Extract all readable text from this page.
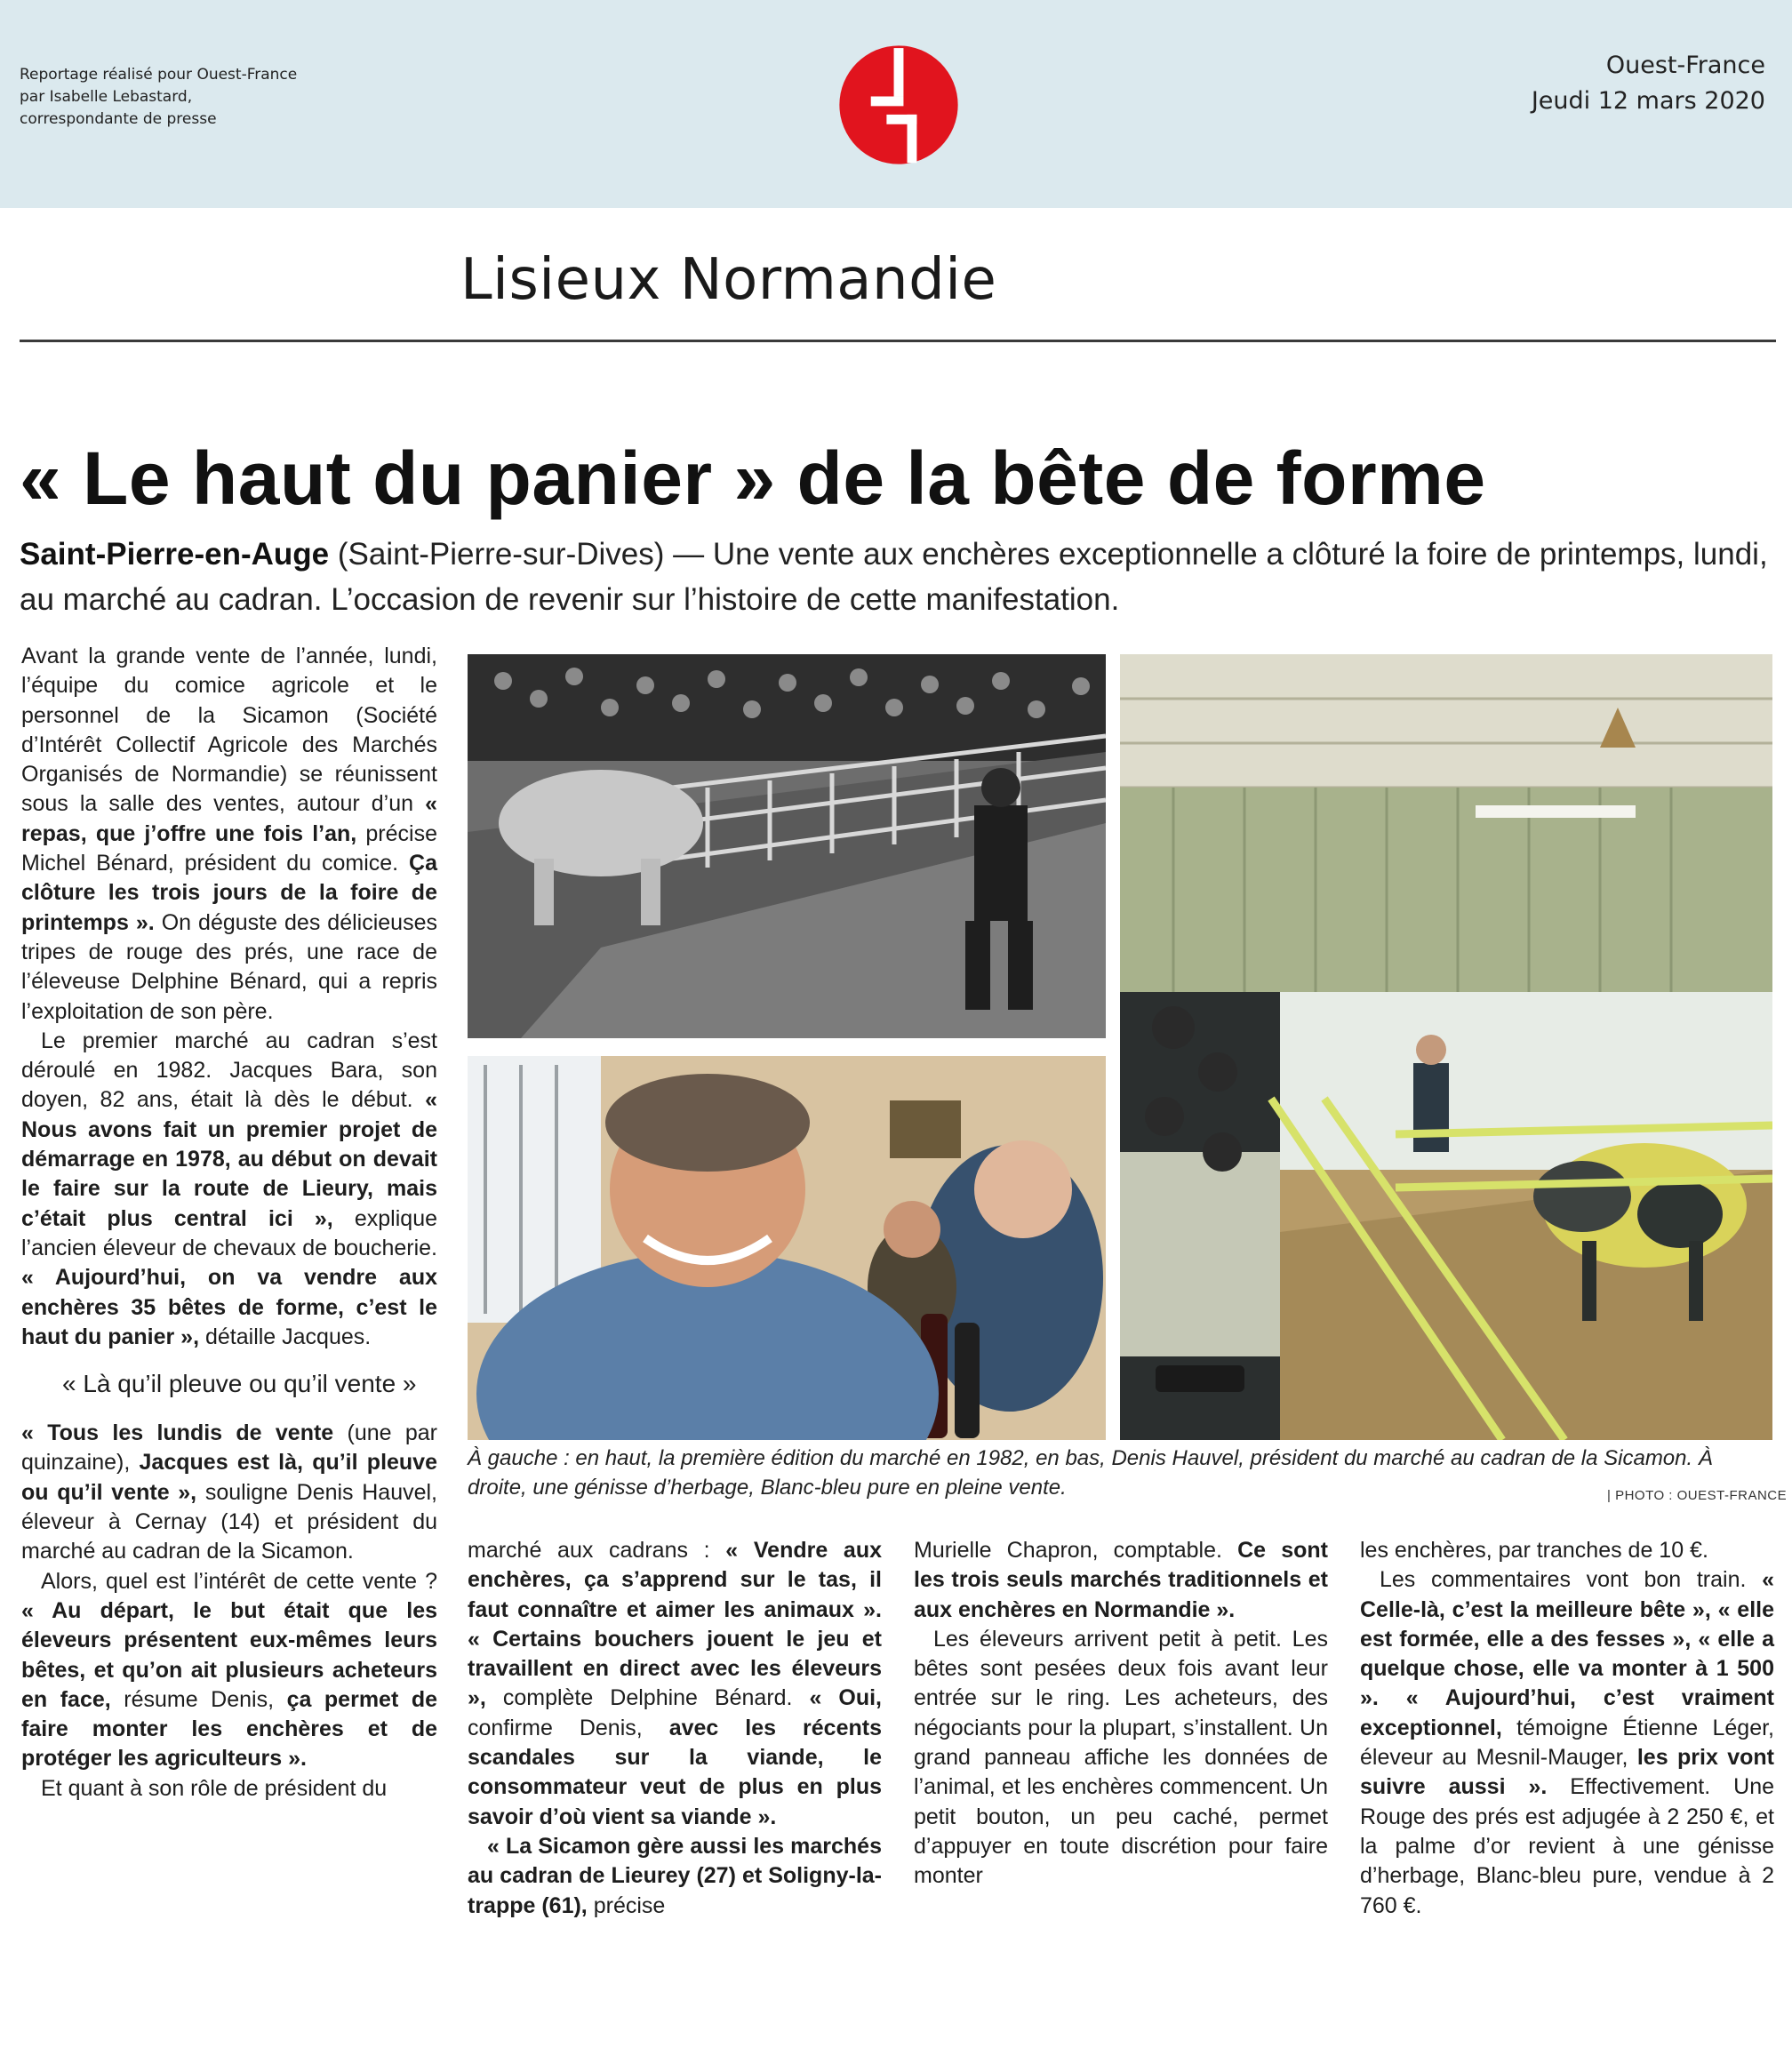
Reportage réalisé pour Ouest-France
par Isabelle Lebastard,
correspondante de presse
Ouest-France
Jeudi 12 mars 2020
Lisieux Normandie
« Le haut du panier » de la bête de forme
Saint-Pierre-en-Auge (Saint-Pierre-sur-Dives) — Une vente aux enchères exceptionnelle a clôturé la foire de printemps, lundi, au marché au cadran. L’occasion de revenir sur l’histoire de cette manifestation.

Avant la grande vente de l’année, lundi, l’équipe du comice agricole et le personnel de la Sicamon (Société d’Intérêt Collectif Agricole des Marchés Organisés de Normandie) se réunissent sous la salle des ventes, autour d’un « repas, que j’offre une fois l’an, précise Michel Bénard, président du comice. Ça clôture les trois jours de la foire de printemps ». On déguste des délicieuses tripes de rouge des prés, une race de l’éleveuse Delphine Bénard, qui a repris l’exploitation de son père.

Le premier marché au cadran s’est déroulé en 1982. Jacques Bara, son doyen, 82 ans, était là dès le début. « Nous avons fait un premier projet de démarrage en 1978, au début on devait le faire sur la route de Lieury, mais c’était plus central ici », explique l’ancien éleveur de chevaux de boucherie. « Aujourd’hui, on va vendre aux enchères 35 bêtes de forme, c’est le haut du panier », détaille Jacques.

« Là qu’il pleuve ou qu’il vente »

« Tous les lundis de vente (une par quinzaine), Jacques est là, qu’il pleuve ou qu’il vente », souligne Denis Hauvel, éleveur à Cernay (14) et président du marché au cadran de la Sicamon.

Alors, quel est l’intérêt de cette vente ? « Au départ, le but était que les éleveurs présentent eux-mêmes leurs bêtes, et qu’on ait plusieurs acheteurs en face, résume Denis, ça permet de faire monter les enchères et de protéger les agriculteurs ».

Et quant à son rôle de président du

À gauche : en haut, la première édition du marché en 1982, en bas, Denis Hauvel, président du marché au cadran de la Sicamon. À droite, une génisse d’herbage, Blanc-bleu pure en pleine vente.	| PHOTO : OUEST-FRANCE

marché aux cadrans : « Vendre aux enchères, ça s’apprend sur le tas, il faut connaître et aimer les animaux ». « Certains bouchers jouent le jeu et travaillent en direct avec les éleveurs », complète Delphine Bénard. « Oui, confirme Denis, avec les récents scandales sur la viande, le consommateur veut de plus en plus savoir d’où vient sa viande ».

« La Sicamon gère aussi les marchés au cadran de Lieurey (27) et Soligny-la-trappe (61), précise

Murielle Chapron, comptable. Ce sont les trois seuls marchés traditionnels et aux enchères en Normandie ».

Les éleveurs arrivent petit à petit. Les bêtes sont pesées deux fois avant leur entrée sur le ring. Les acheteurs, des négociants pour la plupart, s’installent. Un grand panneau affiche les données de l’animal, et les enchères commencent. Un petit bouton, un peu caché, permet d’appuyer en toute discrétion pour faire monter

les enchères, par tranches de 10 €.

Les commentaires vont bon train. « Celle-là, c’est la meilleure bête », « elle est formée, elle a des fesses », « elle a quelque chose, elle va monter à 1 500 ». « Aujourd’hui, c’est vraiment exceptionnel, témoigne Étienne Léger, éleveur au Mesnil-Mauger, les prix vont suivre aussi ». Effectivement. Une Rouge des prés est adjugée à 2 250 €, et la palme d’or revient à une génisse d’herbage, Blanc-bleu pure, vendue à 2 760 €.
